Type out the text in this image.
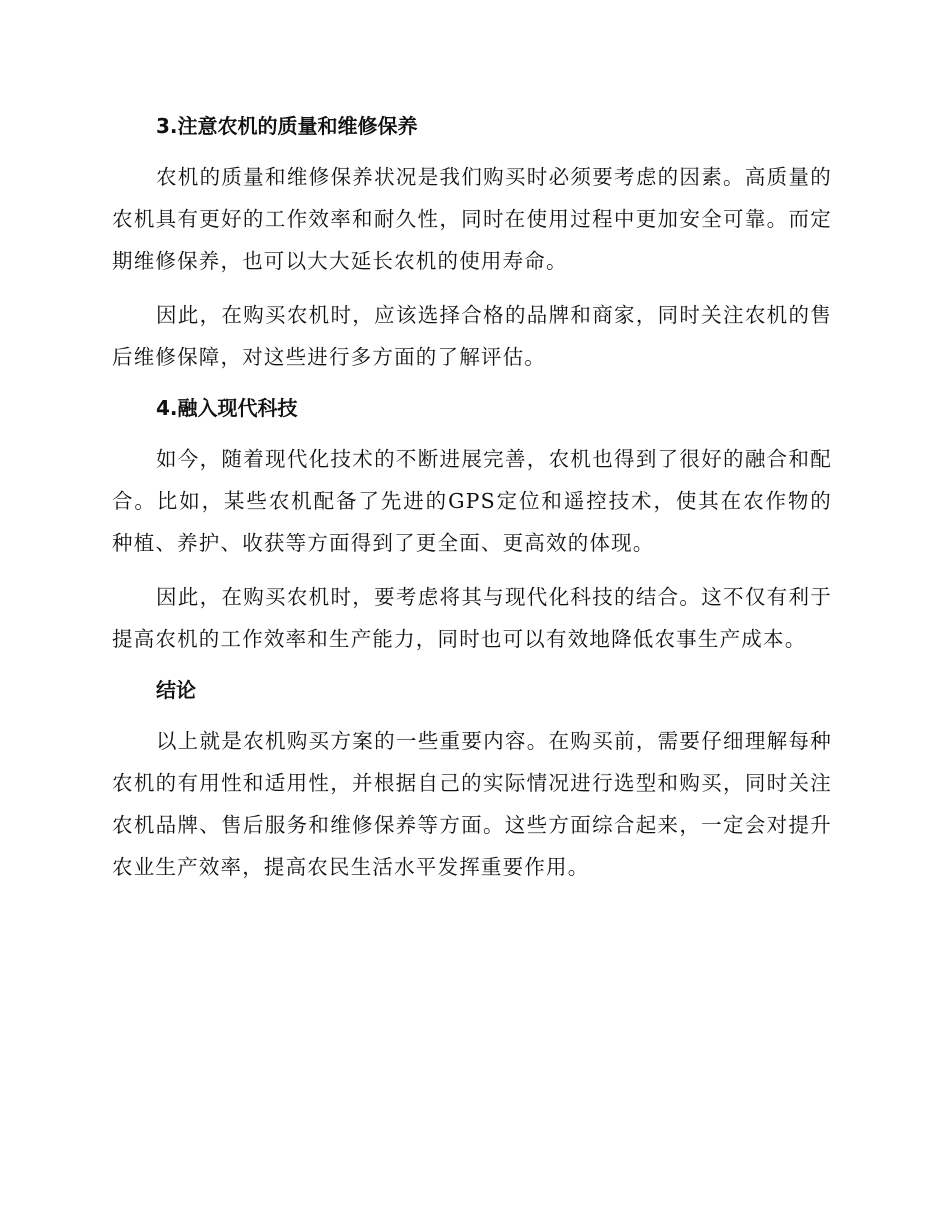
3.注意农机的质量和维修保养

农机的质量和维修保养状况是我们购买时必须要考虑的因素。高质量的农机具有更好的工作效率和耐久性，同时在使用过程中更加安全可靠。而定期维修保养，也可以大大延长农机的使用寿命。

因此，在购买农机时，应该选择合格的品牌和商家，同时关注农机的售后维修保障，对这些进行多方面的了解评估。

4.融入现代科技

如今，随着现代化技术的不断进展完善，农机也得到了很好的融合和配合。比如，某些农机配备了先进的GPS定位和遥控技术，使其在农作物的种植、养护、收获等方面得到了更全面、更高效的体现。

因此，在购买农机时，要考虑将其与现代化科技的结合。这不仅有利于提高农机的工作效率和生产能力，同时也可以有效地降低农事生产成本。

结论

以上就是农机购买方案的一些重要内容。在购买前，需要仔细理解每种农机的有用性和适用性，并根据自己的实际情况进行选型和购买，同时关注农机品牌、售后服务和维修保养等方面。这些方面综合起来，一定会对提升农业生产效率，提高农民生活水平发挥重要作用。
